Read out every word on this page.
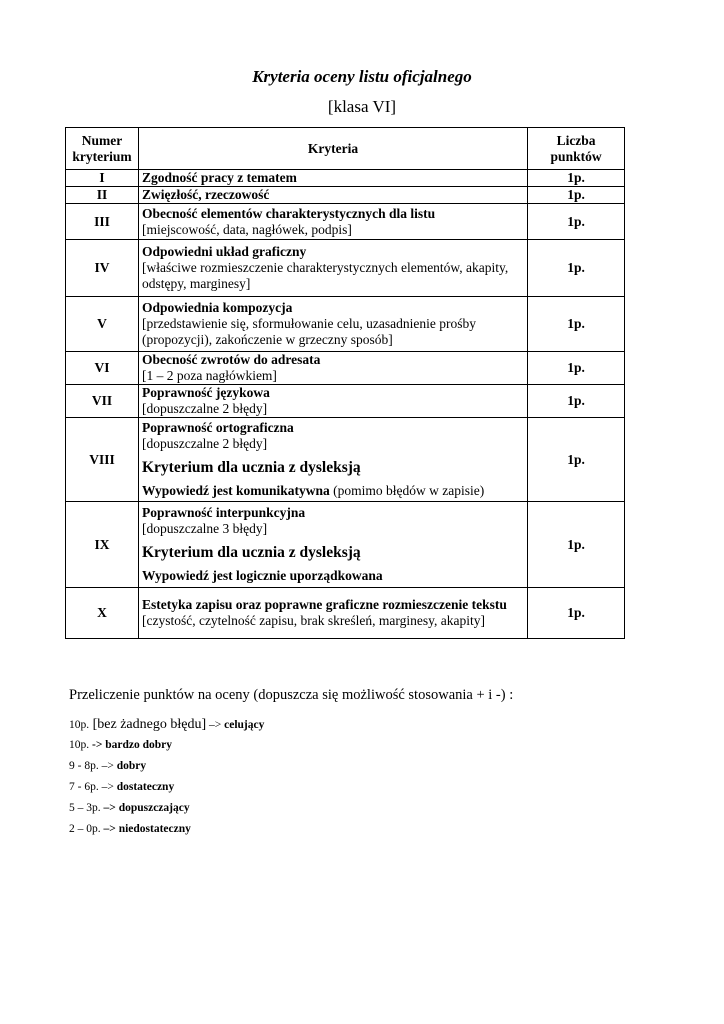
Kryteria oceny listu oficjalnego
[klasa VI]
Numer kryterium	Kryteria	Liczba punktów
I	Zgodność pracy z tematem	1p.
II	Zwięzłość, rzeczowość	1p.
III	Obecność elementów charakterystycznych dla listu
[miejscowość, data, nagłówek, podpis]	1p.
IV	Odpowiedni układ graficzny
[właściwe rozmieszczenie charakterystycznych elementów, akapity, odstępy, marginesy]	1p.
V	Odpowiednia kompozycja
[przedstawienie się, sformułowanie celu, uzasadnienie prośby (propozycji), zakończenie w grzeczny sposób]	1p.
VI	Obecność zwrotów do adresata
[1 – 2 poza nagłówkiem]	1p.
VII	Poprawność językowa
[dopuszczalne 2 błędy]	1p.
VIII	Poprawność ortograficzna
[dopuszczalne 2 błędy]
Kryterium dla ucznia z dysleksją
Wypowiedź jest komunikatywna (pomimo błędów w zapisie)	1p.
IX	Poprawność interpunkcyjna
[dopuszczalne 3 błędy]
Kryterium dla ucznia z dysleksją
Wypowiedź jest logicznie uporządkowana	1p.
X	Estetyka zapisu oraz poprawne graficzne rozmieszczenie tekstu
[czystość, czytelność zapisu, brak skreśleń, marginesy, akapity]	1p.
Przeliczenie punktów na oceny (dopuszcza się możliwość stosowania + i -) :
10p. [bez żadnego błędu] –> celujący
10p. -> bardzo dobry
9 - 8p. –> dobry
7 - 6p. –> dostateczny
5 – 3p. –> dopuszczający
2 – 0p. –> niedostateczny
